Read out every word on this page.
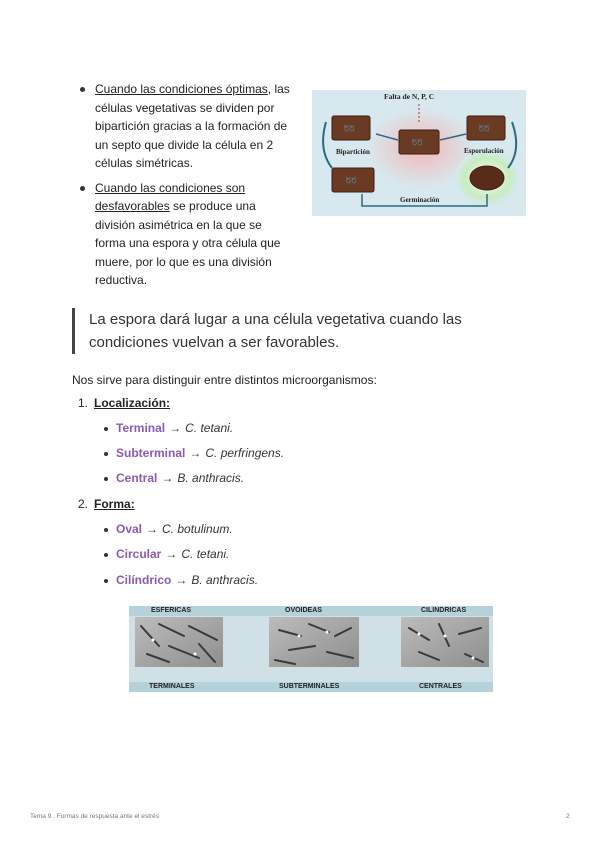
Cuando las condiciones óptimas, las células vegetativas se dividen por bipartición gracias a la formación de un septo que divide la célula en 2 células simétricas.
Cuando las condiciones son desfavorables se produce una división asimétrica en la que se forma una espora y otra célula que muere, por lo que es una división reductiva.
➿
➿
➿
➿
Falta de N, P, C
Bipartición	Esporulación
Germinación
La espora dará lugar a una célula vegetativa cuando las condiciones vuelvan a ser favorables.
Nos sirve para distinguir entre distintos microorganismos:
1. Localización:
Terminal → C. tetani.
Subterminal → C. perfringens.
Central → B. anthracis.
2. Forma:
Oval → C. botulinum.
Circular → C. tetani.
Cilíndrico → B. anthracis.
ESFERICAS	OVOIDEAS	CILINDRICAS
TERMINALES	SUBTERMINALES	CENTRALES
Tema 9 . Formas de respuesta ante el estrés	2
